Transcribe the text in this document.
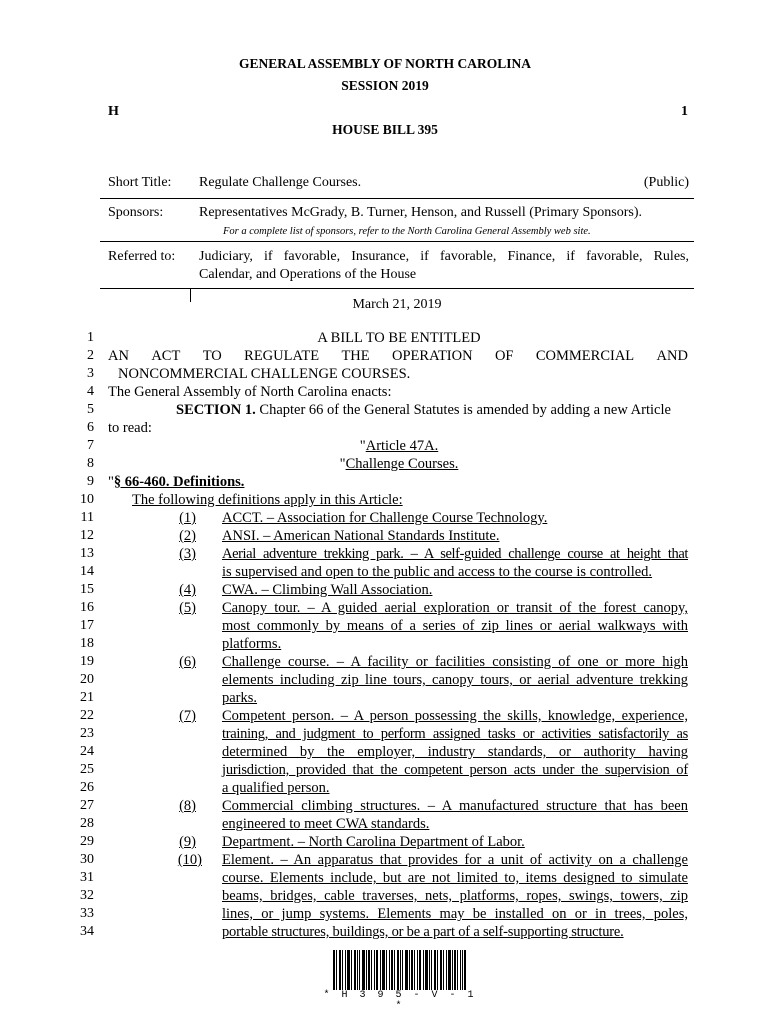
GENERAL ASSEMBLY OF NORTH CAROLINA
SESSION 2019
H	1
HOUSE BILL 395
Short Title: Regulate Challenge Courses.	(Public)
Sponsors:	Representatives McGrady, B. Turner, Henson, and Russell (Primary Sponsors).
For a complete list of sponsors, refer to the North Carolina General Assembly web site.
Referred to: Judiciary, if favorable, Insurance, if favorable, Finance, if favorable, Rules,
Calendar, and Operations of the House
March 21, 2019
1
2
3
4
5
6
7
8
9
10
11
12
13
14
15
16
17
18
19
20
21
22
23
24
25
26
27
28
29
30
31
32
33
34
A BILL TO BE ENTITLED
AN ACT TO REGULATE THE OPERATION OF COMMERCIAL AND
NONCOMMERCIAL CHALLENGE COURSES.
The General Assembly of North Carolina enacts:
SECTION 1. Chapter 66 of the General Statutes is amended by adding a new Article
to read:
"Article 47A.
"Challenge Courses.
"§ 66-460. Definitions.
The following definitions apply in this Article:
(1) ACCT. – Association for Challenge Course Technology.
(2) ANSI. – American National Standards Institute.
(3) Aerial adventure trekking park. – A self-guided challenge course at height that
is supervised and open to the public and access to the course is controlled.
(4) CWA. – Climbing Wall Association.
(5) Canopy tour. – A guided aerial exploration or transit of the forest canopy,
most commonly by means of a series of zip lines or aerial walkways with
platforms.
(6) Challenge course. – A facility or facilities consisting of one or more high
elements including zip line tours, canopy tours, or aerial adventure trekking
parks.
(7) Competent person. – A person possessing the skills, knowledge, experience,
training, and judgment to perform assigned tasks or activities satisfactorily as
determined by the employer, industry standards, or authority having
jurisdiction, provided that the competent person acts under the supervision of
a qualified person.
(8) Commercial climbing structures. – A manufactured structure that has been
engineered to meet CWA standards.
(9) Department. – North Carolina Department of Labor.
(10) Element. – An apparatus that provides for a unit of activity on a challenge
course. Elements include, but are not limited to, items designed to simulate
beams, bridges, cable traverses, nets, platforms, ropes, swings, towers, zip
lines, or jump systems. Elements may be installed on or in trees, poles,
portable structures, buildings, or be a part of a self-supporting structure.
* H 3 9 5 - V - 1 *
